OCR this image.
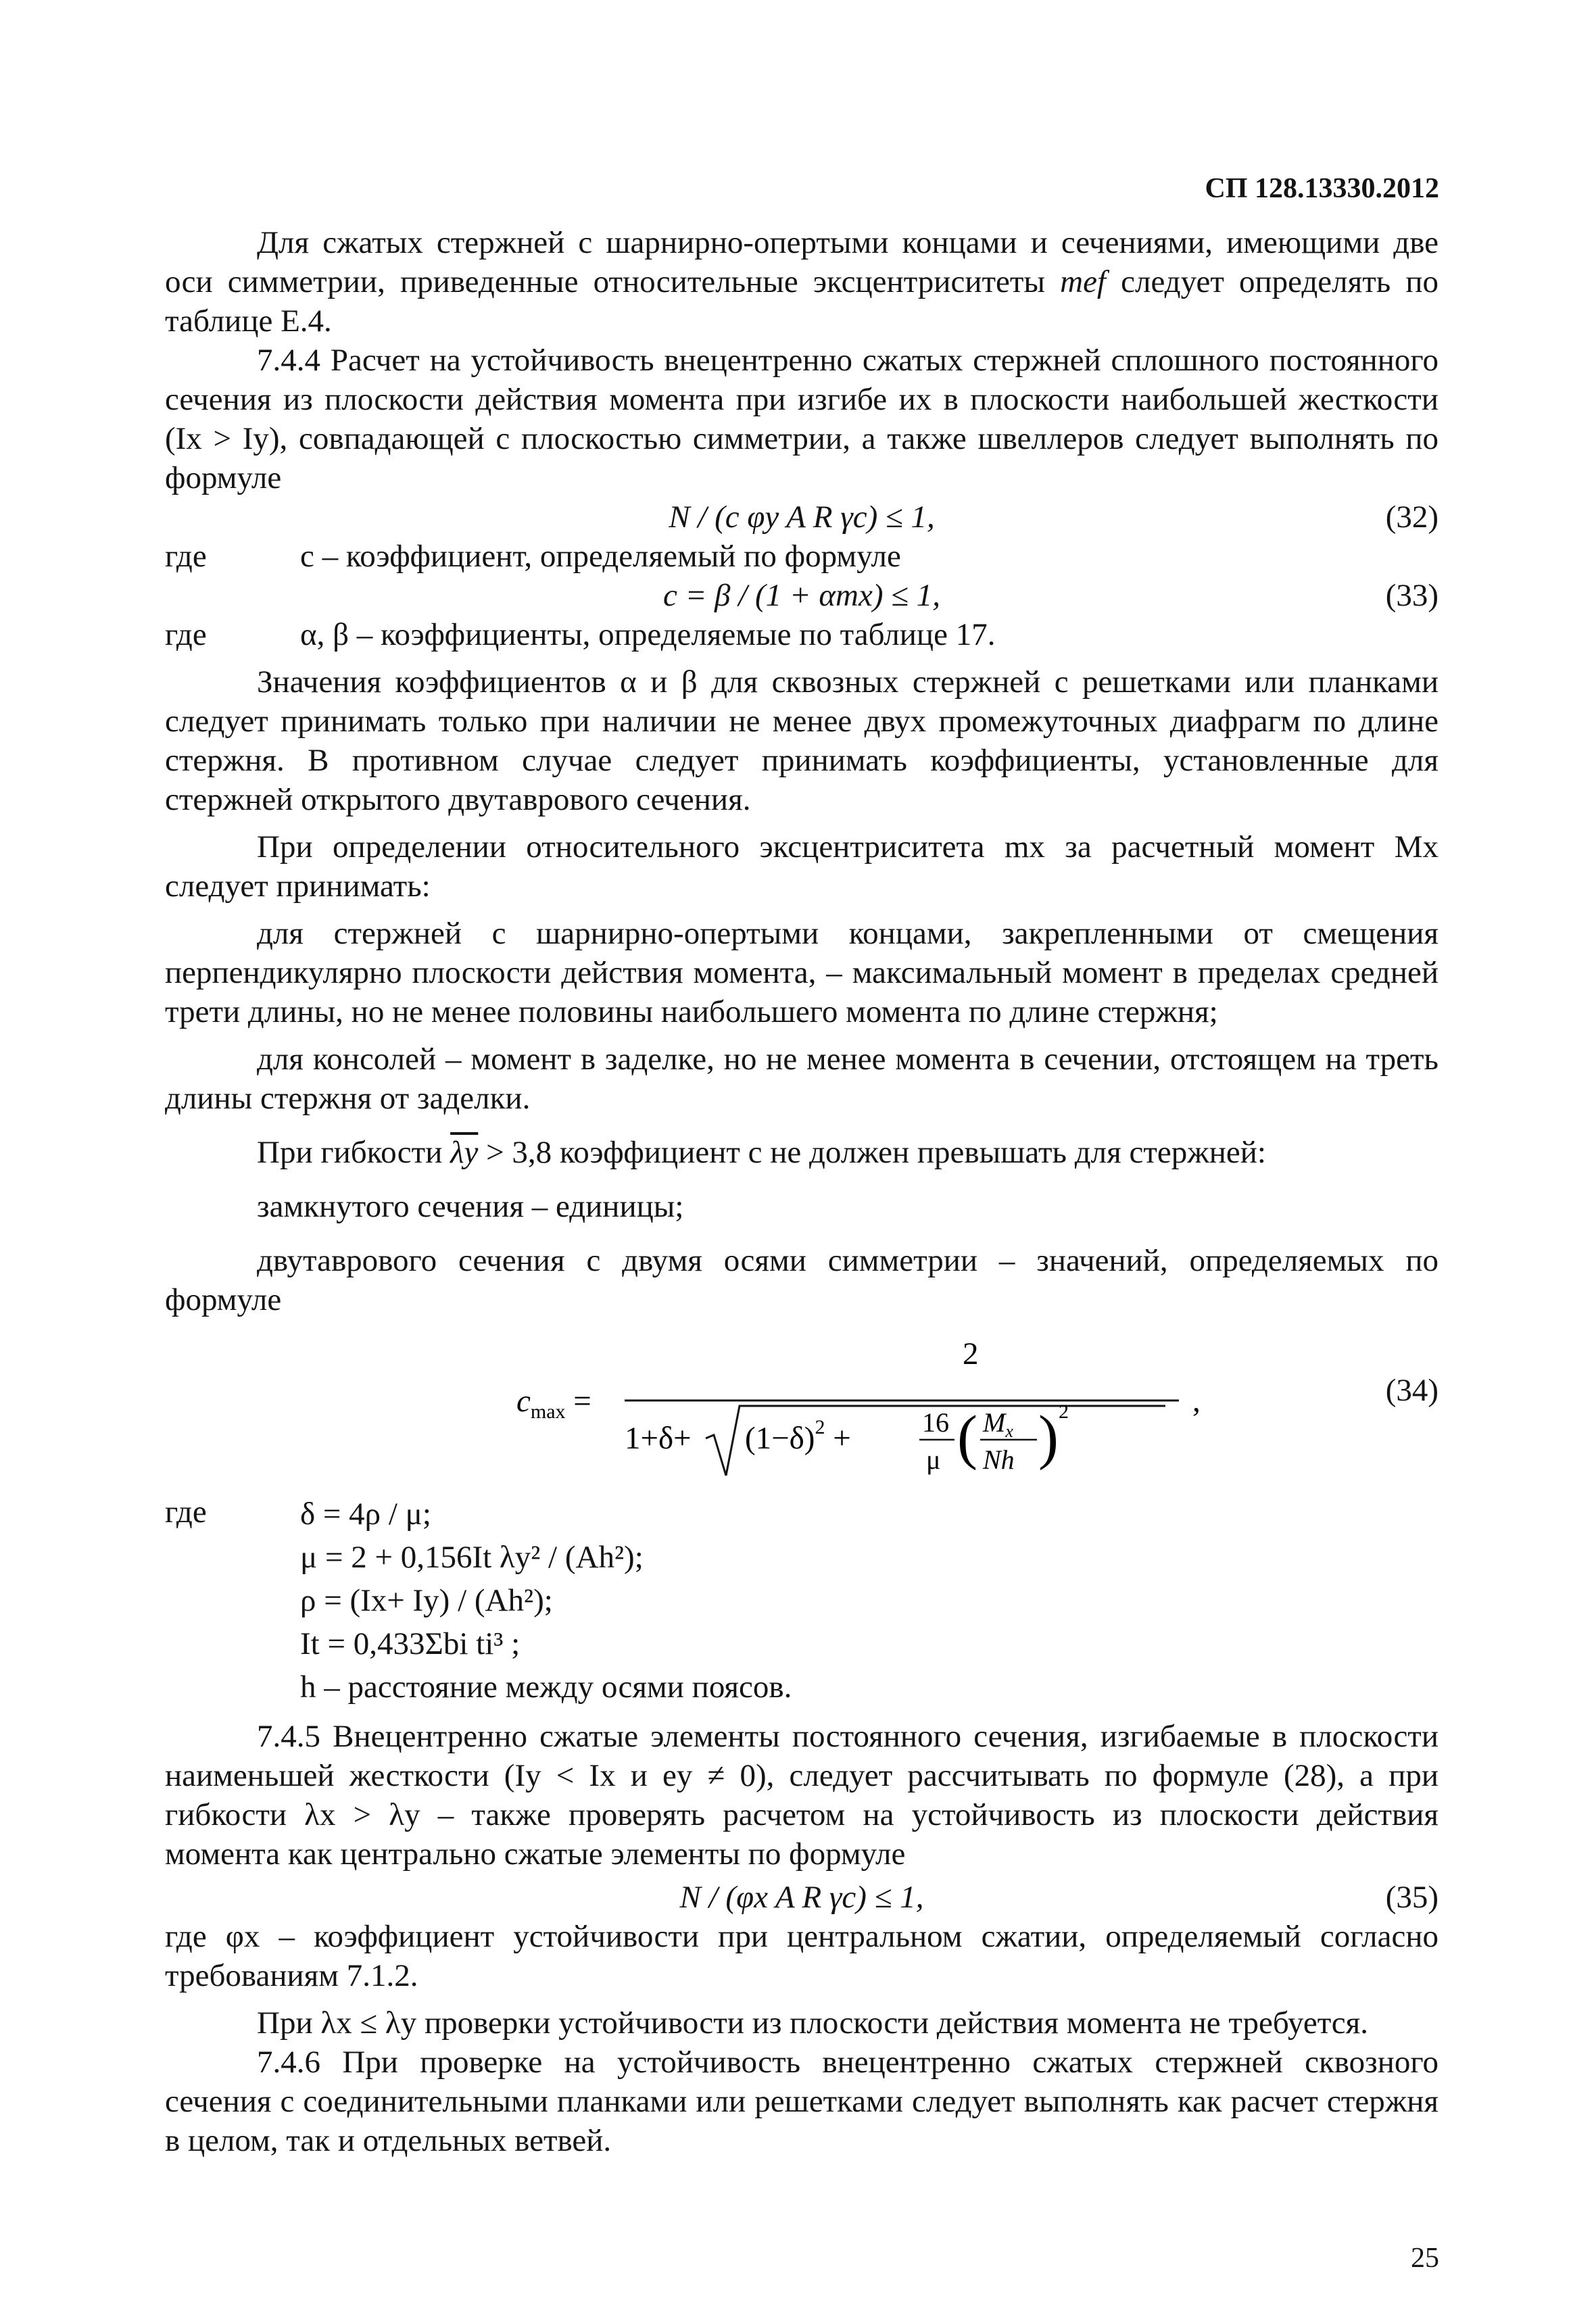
СП 128.13330.2012

Для сжатых стержней с шарнирно-опертыми концами и сечениями, имеющими две оси симметрии, приведенные относительные эксцентриситеты mef следует определять по таблице Е.4.

7.4.4 Расчет на устойчивость внецентренно сжатых стержней сплошного постоянного сечения из плоскости действия момента при изгибе их в плоскости наибольшей жесткости (Ix > Iy), совпадающей с плоскостью симметрии, а также швеллеров следует выполнять по формуле

N / (c φy A R γc) ≤ 1,	(32)
где	c – коэффициент, определяемый по формуле
c = β / (1 + αmx) ≤ 1,	(33)
где	α, β – коэффициенты, определяемые по таблице 17.

Значения коэффициентов α и β для сквозных стержней с решетками или планками следует принимать только при наличии не менее двух промежуточных диафрагм по длине стержня. В противном случае следует принимать коэффициенты, установленные для стержней открытого двутаврового сечения.

При определении относительного эксцентриситета mx за расчетный момент Mx следует принимать:

для стержней с шарнирно-опертыми концами, закрепленными от смещения перпендикулярно плоскости действия момента, – максимальный момент в пределах средней трети длины, но не менее половины наибольшего момента по длине стержня;

для консолей – момент в заделке, но не менее момента в сечении, отстоящем на треть длины стержня от заделки.

При гибкости $\overline{\lambda y} > 3,8$ коэффициент c не должен превышать для стержней:

замкнутого сечения – единицы;

двутаврового сечения с двумя осями симметрии – значений, определяемых по формуле

$c_{max}$ =
2
$1+\delta+ (1-\delta)^2$ +	16
μ ( $M_x$
Nh ) 2	,	(34)
где	δ = 4ρ / μ;
μ = 2 + 0,156It λy² / (Ah²);
ρ = (Ix+ Iy) / (Ah²);
It = 0,433Σbi ti³ ;
h – расстояние между осями поясов.

7.4.5 Внецентренно сжатые элементы постоянного сечения, изгибаемые в плоскости наименьшей жесткости (Iy < Ix и ey ≠ 0), следует рассчитывать по формуле (28), а при гибкости λx > λy – также проверять расчетом на устойчивость из плоскости действия момента как центрально сжатые элементы по формуле

N / (φx A R γc) ≤ 1,	(35)

где φx – коэффициент устойчивости при центральном сжатии, определяемый согласно требованиям 7.1.2.

При λx ≤ λy проверки устойчивости из плоскости действия момента не требуется.

7.4.6 При проверке на устойчивость внецентренно сжатых стержней сквозного сечения с соединительными планками или решетками следует выполнять как расчет стержня в целом, так и отдельных ветвей.

25
